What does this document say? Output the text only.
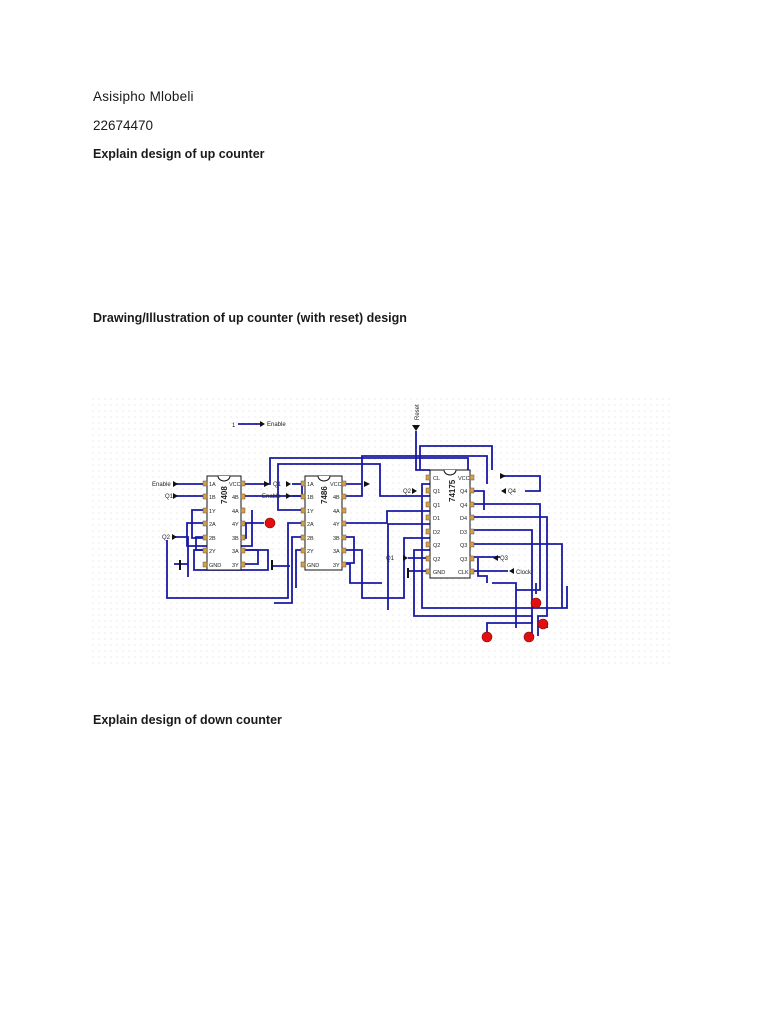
Asisipho Mlobeli

22674470

Explain design of up counter

Drawing/Illustration of up counter (with reset) design

1	Enable
Reset
7408
1A
1B
1Y
2A
2B
2Y
GND
VCC
4B
4A
4Y
3B
3A
3Y
7486
1A
1B
1Y
2A
2B
2Y
GND
VCC
4B
4A
4Y
3B
3A
3Y
74175
CL
Q1
Q1
D1
D2
Q2
Q2
GND
VCC
Q4
Q4
D4
D3
Q3
Q3
CLK
Enable
Q1
Q2
Q1
Enable
Q2	Q4
Q3
Q1
Clock

Explain design of down counter
